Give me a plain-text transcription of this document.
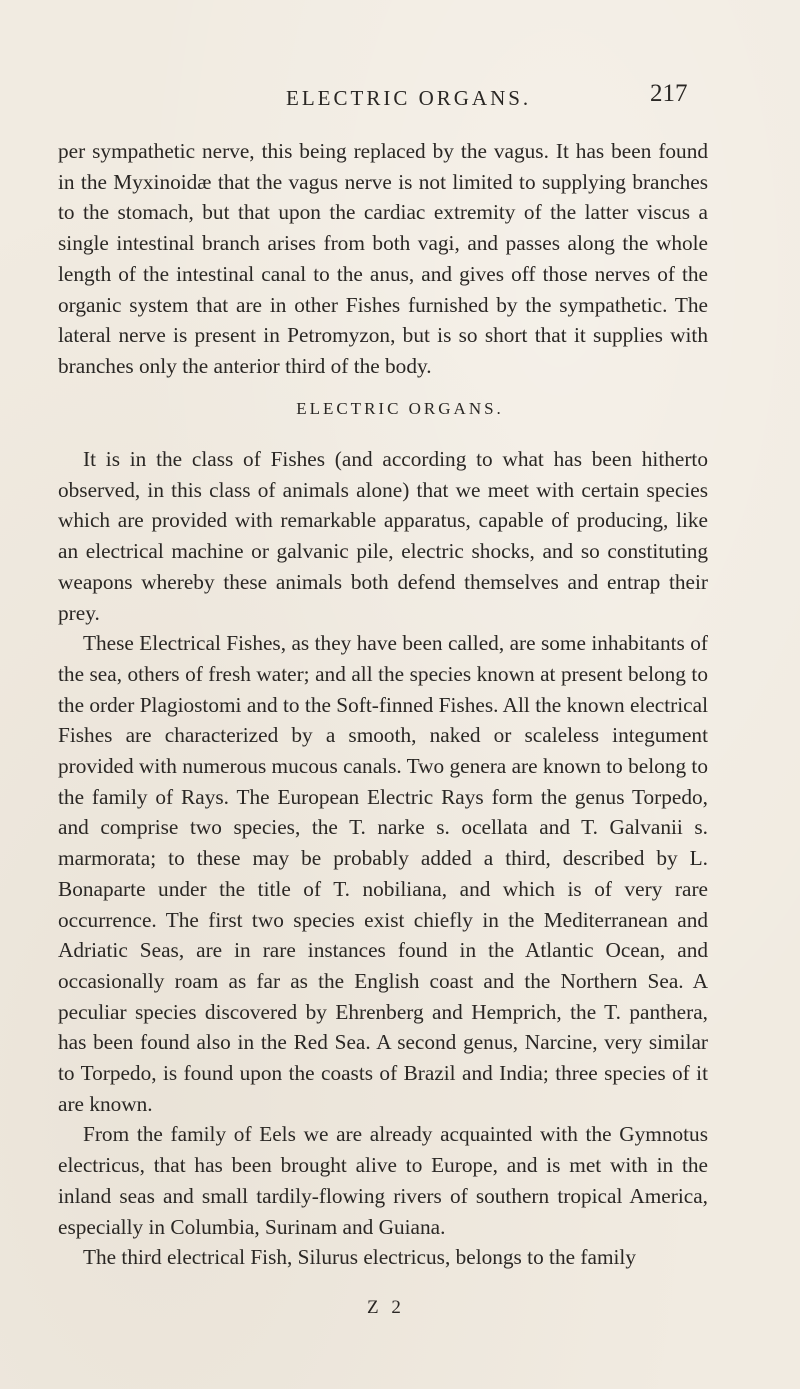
ELECTRIC ORGANS.	217

per sympathetic nerve, this being replaced by the vagus. It has been found in the Myxinoidæ that the vagus nerve is not limited to supplying branches to the stomach, but that upon the cardiac extremity of the latter viscus a single intestinal branch arises from both vagi, and passes along the whole length of the intestinal canal to the anus, and gives off those nerves of the organic system that are in other Fishes furnished by the sympathetic. The lateral nerve is present in Petromyzon, but is so short that it supplies with branches only the anterior third of the body.

ELECTRIC ORGANS.

It is in the class of Fishes (and according to what has been hitherto observed, in this class of animals alone) that we meet with certain species which are provided with remarkable apparatus, capable of producing, like an electrical machine or galvanic pile, electric shocks, and so constituting weapons whereby these animals both defend themselves and entrap their prey.

These Electrical Fishes, as they have been called, are some inhabitants of the sea, others of fresh water; and all the species known at present belong to the order Plagiostomi and to the Soft-finned Fishes. All the known electrical Fishes are characterized by a smooth, naked or scaleless integument provided with numerous mucous canals. Two genera are known to belong to the family of Rays. The European Electric Rays form the genus Torpedo, and comprise two species, the T. narke s. ocellata and T. Galvanii s. marmorata; to these may be probably added a third, described by L. Bonaparte under the title of T. nobiliana, and which is of very rare occurrence. The first two species exist chiefly in the Mediterranean and Adriatic Seas, are in rare instances found in the Atlantic Ocean, and occasionally roam as far as the English coast and the Northern Sea. A peculiar species discovered by Ehrenberg and Hemprich, the T. panthera, has been found also in the Red Sea. A second genus, Narcine, very similar to Torpedo, is found upon the coasts of Brazil and India; three species of it are known.

From the family of Eels we are already acquainted with the Gymnotus electricus, that has been brought alive to Europe, and is met with in the inland seas and small tardily-flowing rivers of southern tropical America, especially in Columbia, Surinam and Guiana.

The third electrical Fish, Silurus electricus, belongs to the family

Z 2
